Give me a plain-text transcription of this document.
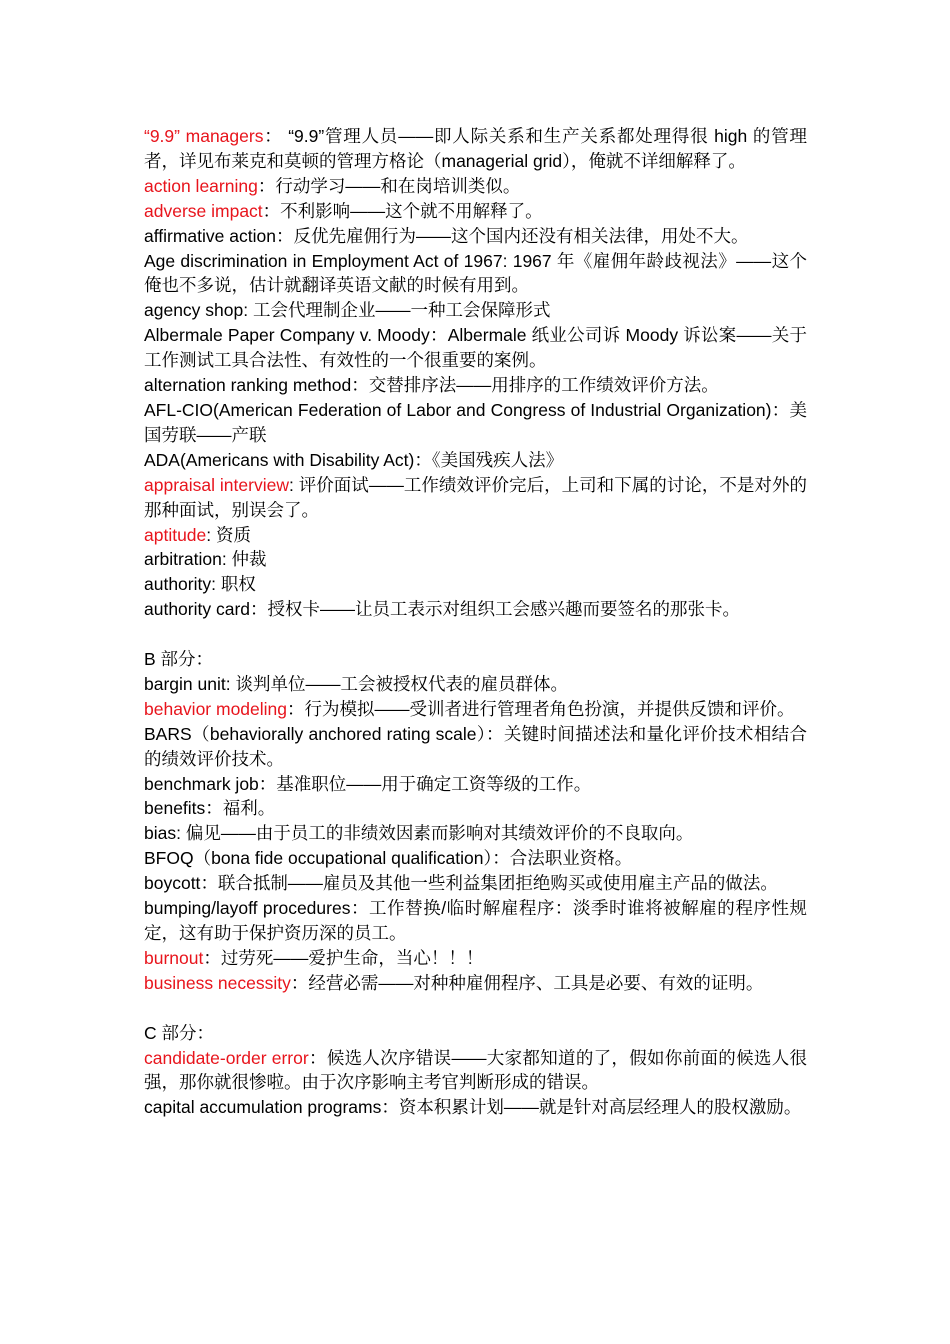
“9.9” managers： “9.9”管理人员——即人际关系和生产关系都处理得很 high 的管理者，详见布莱克和莫顿的管理方格论（managerial grid），俺就不详细解释了。

action learning：行动学习——和在岗培训类似。

adverse impact：不利影响——这个就不用解释了。

affirmative action：反优先雇佣行为——这个国内还没有相关法律，用处不大。

Age discrimination in Employment Act of 1967: 1967 年《雇佣年龄歧视法》——这个俺也不多说，估计就翻译英语文献的时候有用到。

agency shop: 工会代理制企业——一种工会保障形式

Albermale Paper Company v. Moody：Albermale 纸业公司诉 Moody 诉讼案——关于工作测试工具合法性、有效性的一个很重要的案例。

alternation ranking method：交替排序法——用排序的工作绩效评价方法。

AFL-CIO(American Federation of Labor and Congress of Industrial Organization)：美国劳联——产联

ADA(Americans with Disability Act)：《美国残疾人法》

appraisal interview: 评价面试——工作绩效评价完后，上司和下属的讨论，不是对外的那种面试，别误会了。

aptitude: 资质

arbitration: 仲裁

authority: 职权

authority card：授权卡——让员工表示对组织工会感兴趣而要签名的那张卡。

B 部分：

bargin unit: 谈判单位——工会被授权代表的雇员群体。

behavior modeling：行为模拟——受训者进行管理者角色扮演，并提供反馈和评价。

BARS（behaviorally anchored rating scale）：关键时间描述法和量化评价技术相结合的绩效评价技术。

benchmark job：基准职位——用于确定工资等级的工作。

benefits：福利。

bias: 偏见——由于员工的非绩效因素而影响对其绩效评价的不良取向。

BFOQ（bona fide occupational qualification）：合法职业资格。

boycott：联合抵制——雇员及其他一些利益集团拒绝购买或使用雇主产品的做法。

bumping/layoff procedures：工作替换/临时解雇程序：淡季时谁将被解雇的程序性规定，这有助于保护资历深的员工。

burnout：过劳死——爱护生命，当心！！！

business necessity：经营必需——对种种雇佣程序、工具是必要、有效的证明。

C 部分：

candidate-order error：候选人次序错误——大家都知道的了，假如你前面的候选人很强，那你就很惨啦。由于次序影响主考官判断形成的错误。

capital accumulation programs：资本积累计划——就是针对高层经理人的股权激励。
